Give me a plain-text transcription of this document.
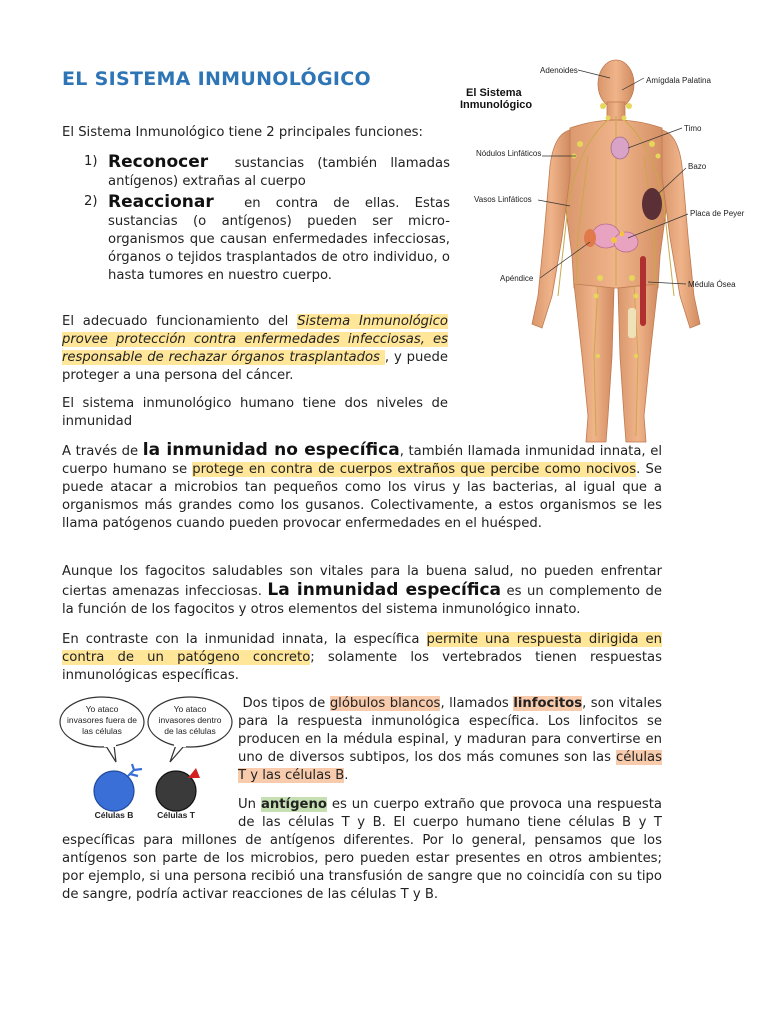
EL SISTEMA INMUNOLÓGICO
El Sistema Inmunológico tiene 2 principales funciones:
1) Reconocer sustancias (también llamadas antígenos) extrañas al cuerpo
2) Reaccionar en contra de ellas. Estas sustancias (o antígenos) pueden ser micro-organismos que causan enfermedades infecciosas, órganos o tejidos trasplantados de otro individuo, o hasta tumores en nuestro cuerpo.
El adecuado funcionamiento del Sistema Inmunológico provee protección contra enfermedades infecciosas, es responsable de rechazar órganos trasplantados , y puede proteger a una persona del cáncer.
El sistema inmunológico humano tiene dos niveles de inmunidad
A través de la inmunidad no específica, también llamada inmunidad innata, el cuerpo humano se protege en contra de cuerpos extraños que percibe como nocivos. Se puede atacar a microbios tan pequeños como los virus y las bacterias, al igual que a organismos más grandes como los gusanos. Colectivamente, a estos organismos se les llama patógenos cuando pueden provocar enfermedades en el huésped.
Aunque los fagocitos saludables son vitales para la buena salud, no pueden enfrentar ciertas amenazas infecciosas. La inmunidad específica es un complemento de la función de los fagocitos y otros elementos del sistema inmunológico innato.
En contraste con la inmunidad innata, la específica permite una respuesta dirigida en contra de un patógeno concreto; solamente los vertebrados tienen respuestas inmunológicas específicas.
Yo ataco
invasores fuera de
las células
Yo ataco
invasores dentro
de las células
Células B	Células T
Dos tipos de glóbulos blancos, llamados linfocitos, son vitales para la respuesta inmunológica específica. Los linfocitos se producen en la médula espinal, y maduran para convertirse en uno de diversos subtipos, los dos más comunes son las células T y las células B.
Un antígeno es un cuerpo extraño que provoca una respuesta de las células T y B. El cuerpo humano tiene células B y T específicas para millones de antígenos diferentes. Por lo general, pensamos que los antígenos son parte de los microbios, pero pueden estar presentes en otros ambientes; por ejemplo, si una persona recibió una transfusión de sangre que no coincidía con su tipo de sangre, podría activar reacciones de las células T y B.
Adenoides
Amígdala Palatina
Timo
Nódulos Linfáticos
Bazo
Vasos Linfáticos
Placa de Peyer
Apéndice
Médula Ósea
El Sistema
Inmunológico
